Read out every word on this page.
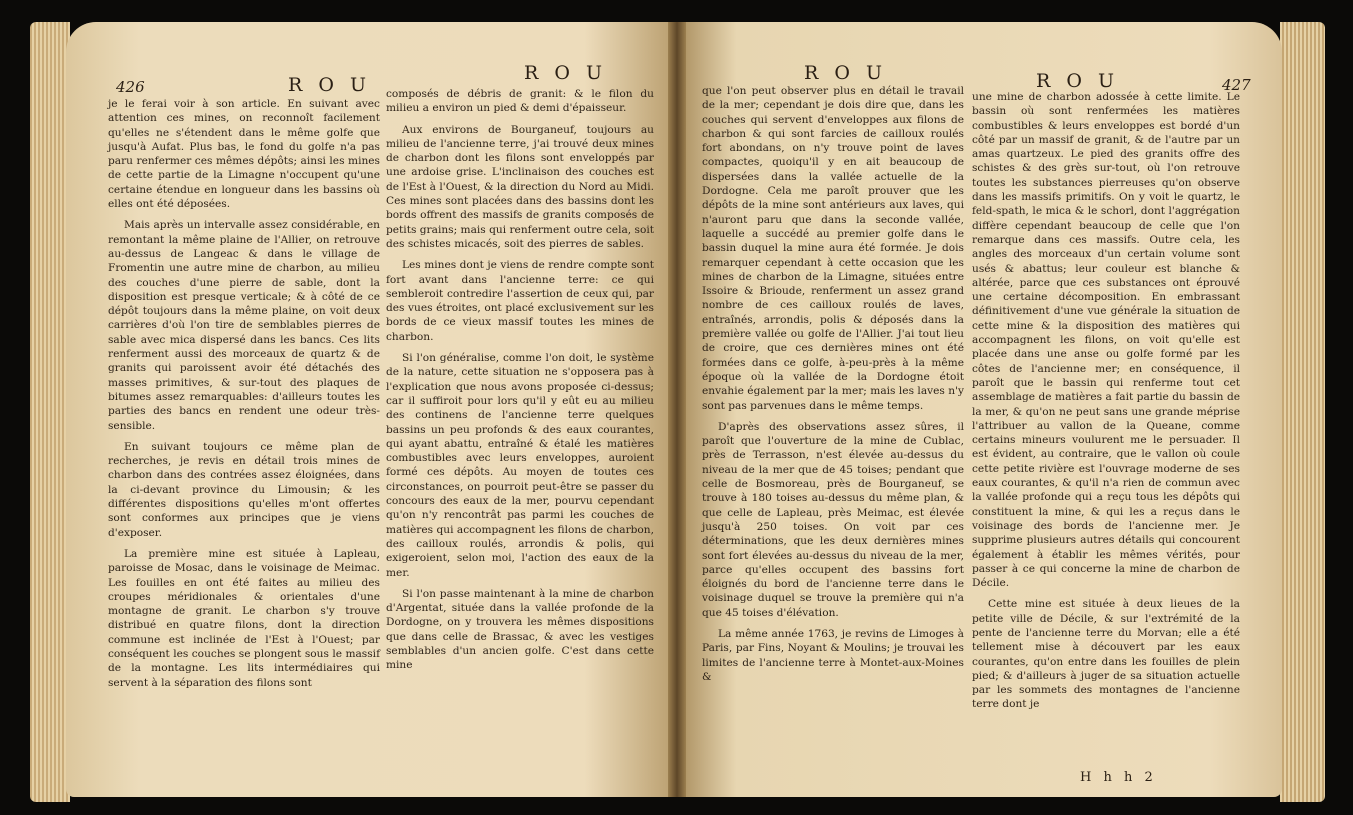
426	R O U
R O U

je le ferai voir à son article. En suivant avec attention ces mines, on reconnoît facilement qu'elles ne s'étendent dans le même golfe que jusqu'à Aufat. Plus bas, le fond du golfe n'a pas paru renfermer ces mêmes dépôts; ainsi les mines de cette partie de la Limagne n'occupent qu'une certaine étendue en longueur dans les bassins où elles ont été déposées.

Mais après un intervalle assez considérable, en remontant la même plaine de l'Allier, on retrouve au-dessus de Langeac & dans le village de Fromentin une autre mine de charbon, au milieu des couches d'une pierre de sable, dont la disposition est presque verticale; & à côté de ce dépôt toujours dans la même plaine, on voit deux carrières d'où l'on tire de semblables pierres de sable avec mica dispersé dans les bancs. Ces lits renferment aussi des morceaux de quartz & de granits qui paroissent avoir été détachés des masses primitives, & sur-tout des plaques de bitumes assez remarquables: d'ailleurs toutes les parties des bancs en rendent une odeur très-sensible.

En suivant toujours ce même plan de recherches, je revis en détail trois mines de charbon dans des contrées assez éloignées, dans la ci-devant province du Limousin; & les différentes dispositions qu'elles m'ont offertes sont conformes aux principes que je viens d'exposer.

La première mine est située à Lapleau, paroisse de Mosac, dans le voisinage de Meimac. Les fouilles en ont été faites au milieu des croupes méridionales & orientales d'une montagne de granit. Le charbon s'y trouve distribué en quatre filons, dont la direction commune est inclinée de l'Est à l'Ouest; par conséquent les couches se plongent sous le massif de la montagne. Les lits intermédiaires qui servent à la séparation des filons sont

composés de débris de granit: & le filon du milieu a environ un pied & demi d'épaisseur.

Aux environs de Bourganeuf, toujours au milieu de l'ancienne terre, j'ai trouvé deux mines de charbon dont les filons sont enveloppés par une ardoise grise. L'inclinaison des couches est de l'Est à l'Ouest, & la direction du Nord au Midi. Ces mines sont placées dans des bassins dont les bords offrent des massifs de granits composés de petits grains; mais qui renferment outre cela, soit des schistes micacés, soit des pierres de sables.

Les mines dont je viens de rendre compte sont fort avant dans l'ancienne terre: ce qui sembleroit contredire l'assertion de ceux qui, par des vues étroites, ont placé exclusivement sur les bords de ce vieux massif toutes les mines de charbon.

Si l'on généralise, comme l'on doit, le système de la nature, cette situation ne s'opposera pas à l'explication que nous avons proposée ci-dessus; car il suffiroit pour lors qu'il y eût eu au milieu des continens de l'ancienne terre quelques bassins un peu profonds & des eaux courantes, qui ayant abattu, entraîné & étalé les matières combustibles avec leurs enveloppes, auroient formé ces dépôts. Au moyen de toutes ces circonstances, on pourroit peut-être se passer du concours des eaux de la mer, pourvu cependant qu'on n'y rencontrât pas parmi les couches de matières qui accompagnent les filons de charbon, des cailloux roulés, arrondis & polis, qui exigeroient, selon moi, l'action des eaux de la mer.

Si l'on passe maintenant à la mine de charbon d'Argentat, située dans la vallée profonde de la Dordogne, on y trouvera les mêmes dispositions que dans celle de Brassac, & avec les vestiges semblables d'un ancien golfe. C'est dans cette mine

R O U	R O U	427

que l'on peut observer plus en détail le travail de la mer; cependant je dois dire que, dans les couches qui servent d'enveloppes aux filons de charbon & qui sont farcies de cailloux roulés fort abondans, on n'y trouve point de laves compactes, quoiqu'il y en ait beaucoup de dispersées dans la vallée actuelle de la Dordogne. Cela me paroît prouver que les dépôts de la mine sont antérieurs aux laves, qui n'auront paru que dans la seconde vallée, laquelle a succédé au premier golfe dans le bassin duquel la mine aura été formée. Je dois remarquer cependant à cette occasion que les mines de charbon de la Limagne, situées entre Issoire & Brioude, renferment un assez grand nombre de ces cailloux roulés de laves, entraînés, arrondis, polis & déposés dans la première vallée ou golfe de l'Allier. J'ai tout lieu de croire, que ces dernières mines ont été formées dans ce golfe, à-peu-près à la même époque où la vallée de la Dordogne étoit envahie également par la mer; mais les laves n'y sont pas parvenues dans le même temps.

D'après des observations assez sûres, il paroît que l'ouverture de la mine de Cublac, près de Terrasson, n'est élevée au-dessus du niveau de la mer que de 45 toises; pendant que celle de Bosmoreau, près de Bourganeuf, se trouve à 180 toises au-dessus du même plan, & que celle de Lapleau, près Meimac, est élevée jusqu'à 250 toises. On voit par ces déterminations, que les deux dernières mines sont fort élevées au-dessus du niveau de la mer, parce qu'elles occupent des bassins fort éloignés du bord de l'ancienne terre dans le voisinage duquel se trouve la première qui n'a que 45 toises d'élévation.

La même année 1763, je revins de Limoges à Paris, par Fins, Noyant & Moulins; je trouvai les limites de l'ancienne terre à Montet-aux-Moines &

une mine de charbon adossée à cette limite. Le bassin où sont renfermées les matières combustibles & leurs enveloppes est bordé d'un côté par un massif de granit, & de l'autre par un amas quartzeux. Le pied des granits offre des schistes & des grès sur-tout, où l'on retrouve toutes les substances pierreuses qu'on observe dans les massifs primitifs. On y voit le quartz, le feld-spath, le mica & le schorl, dont l'aggrégation diffère cependant beaucoup de celle que l'on remarque dans ces massifs. Outre cela, les angles des morceaux d'un certain volume sont usés & abattus; leur couleur est blanche & altérée, parce que ces substances ont éprouvé une certaine décomposition. En embrassant définitivement d'une vue générale la situation de cette mine & la disposition des matières qui accompagnent les filons, on voit qu'elle est placée dans une anse ou golfe formé par les côtes de l'ancienne mer; en conséquence, il paroît que le bassin qui renferme tout cet assemblage de matières a fait partie du bassin de la mer, & qu'on ne peut sans une grande méprise l'attribuer au vallon de la Queane, comme certains mineurs voulurent me le persuader. Il est évident, au contraire, que le vallon où coule cette petite rivière est l'ouvrage moderne de ses eaux courantes, & qu'il n'a rien de commun avec la vallée profonde qui a reçu tous les dépôts qui constituent la mine, & qui les a reçus dans le voisinage des bords de l'ancienne mer. Je supprime plusieurs autres détails qui concourent également à établir les mêmes vérités, pour passer à ce qui concerne la mine de charbon de Décile.

Cette mine est située à deux lieues de la petite ville de Décile, & sur l'extrémité de la pente de l'ancienne terre du Morvan; elle a été tellement mise à découvert par les eaux courantes, qu'on entre dans les fouilles de plein pied; & d'ailleurs à juger de sa situation actuelle par les sommets des montagnes de l'ancienne terre dont je

H h h 2
